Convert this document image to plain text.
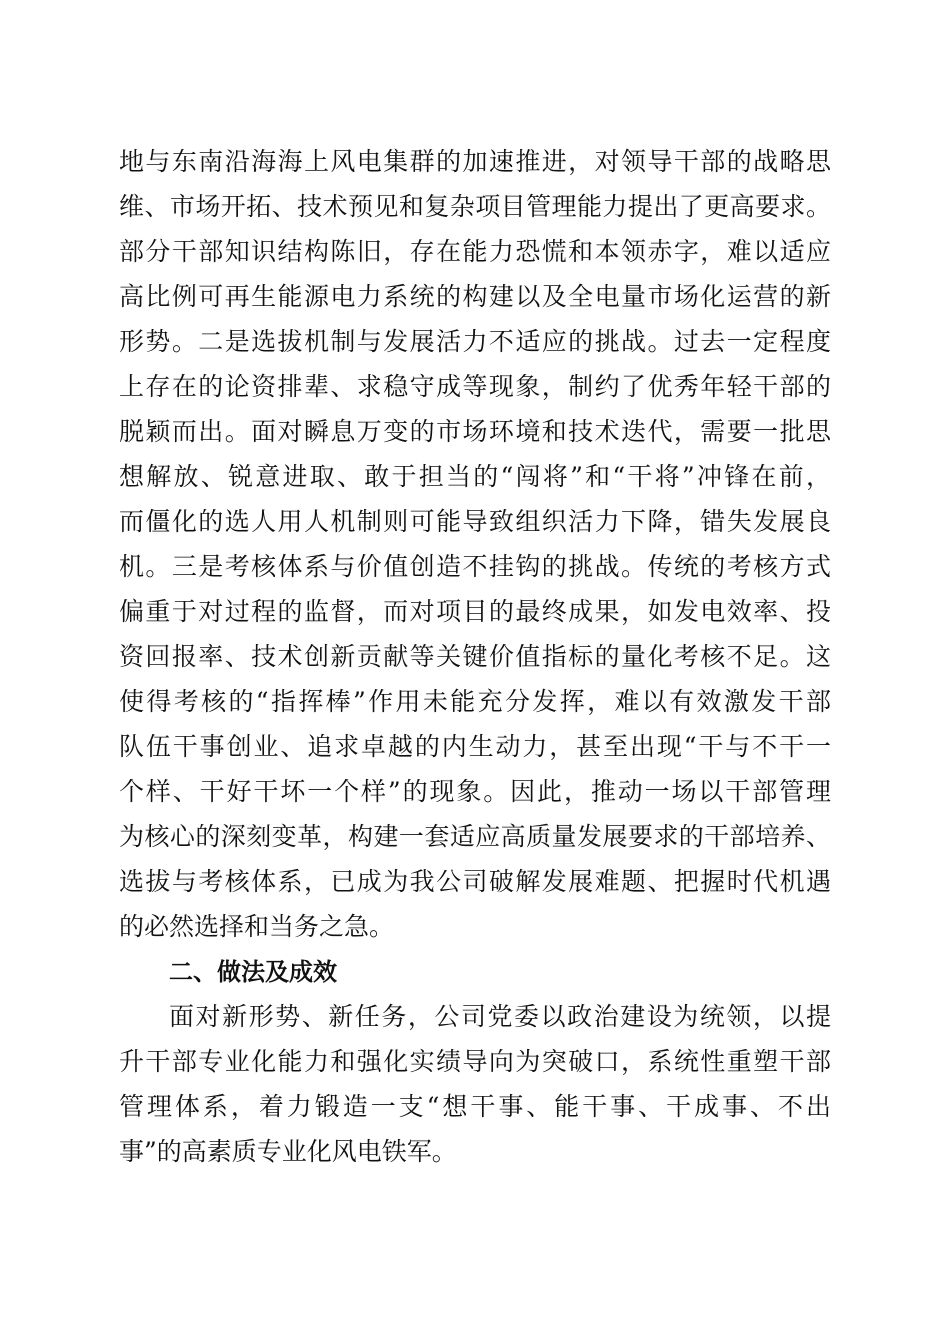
地与东南沿海海上风电集群的加速推进，对领导干部的战略思
维、市场开拓、技术预见和复杂项目管理能力提出了更高要求。
部分干部知识结构陈旧，存在能力恐慌和本领赤字，难以适应
高比例可再生能源电力系统的构建以及全电量市场化运营的新
形势。二是选拔机制与发展活力不适应的挑战。过去一定程度
上存在的论资排辈、求稳守成等现象，制约了优秀年轻干部的
脱颖而出。面对瞬息万变的市场环境和技术迭代，需要一批思
想解放、锐意进取、敢于担当的“闯将”和“干将”冲锋在前，
而僵化的选人用人机制则可能导致组织活力下降，错失发展良
机。三是考核体系与价值创造不挂钩的挑战。传统的考核方式
偏重于对过程的监督，而对项目的最终成果，如发电效率、投
资回报率、技术创新贡献等关键价值指标的量化考核不足。这
使得考核的“指挥棒”作用未能充分发挥，难以有效激发干部
队伍干事创业、追求卓越的内生动力，甚至出现“干与不干一
个样、干好干坏一个样”的现象。因此，推动一场以干部管理
为核心的深刻变革，构建一套适应高质量发展要求的干部培养、
选拔与考核体系，已成为我公司破解发展难题、把握时代机遇
的必然选择和当务之急。
二、做法及成效
面对新形势、新任务，公司党委以政治建设为统领，以提
升干部专业化能力和强化实绩导向为突破口，系统性重塑干部
管理体系，着力锻造一支“想干事、能干事、干成事、不出
事”的高素质专业化风电铁军。
